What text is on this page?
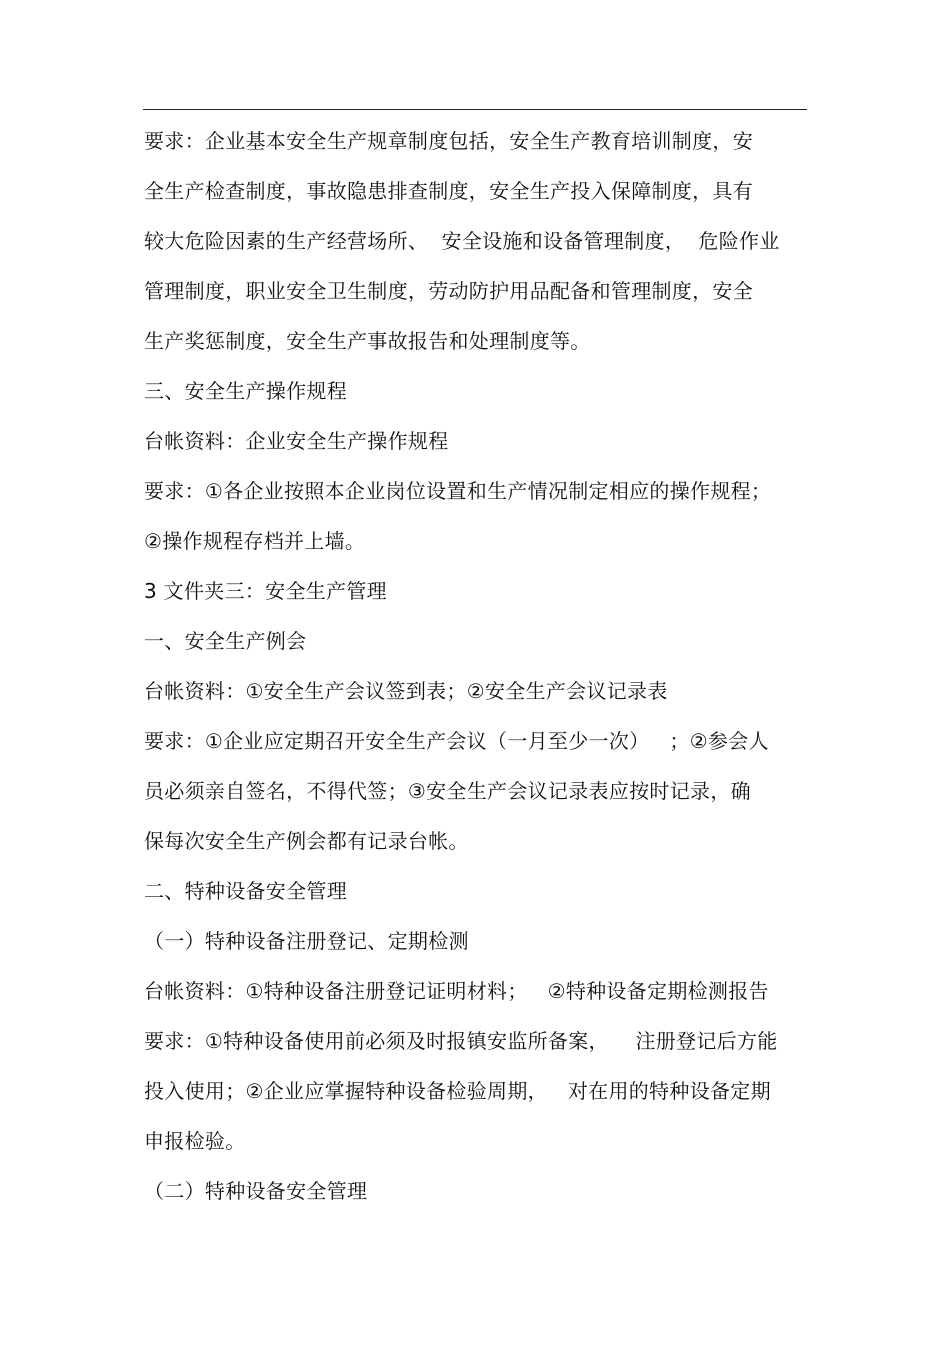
要求：企业基本安全生产规章制度包括，安全生产教育培训制度，安
全生产检查制度，事故隐患排查制度，安全生产投入保障制度，具有
较大危险因素的生产经营场所、  安全设施和设备管理制度，  危险作业
管理制度，职业安全卫生制度，劳动防护用品配备和管理制度，安全
生产奖惩制度，安全生产事故报告和处理制度等。
三、安全生产操作规程
台帐资料：企业安全生产操作规程
要求：①各企业按照本企业岗位设置和生产情况制定相应的操作规程；
②操作规程存档并上墙。
3 文件夹三：安全生产管理
一、安全生产例会
台帐资料：①安全生产会议签到表；②安全生产会议记录表
要求：①企业应定期召开安全生产会议（一月至少一次）   ；②参会人
员必须亲自签名，不得代签；③安全生产会议记录表应按时记录，确
保每次安全生产例会都有记录台帐。
二、特种设备安全管理
（一）特种设备注册登记、定期检测
台帐资料：①特种设备注册登记证明材料；   ②特种设备定期检测报告
要求：①特种设备使用前必须及时报镇安监所备案，    注册登记后方能
投入使用；②企业应掌握特种设备检验周期，   对在用的特种设备定期
申报检验。
（二）特种设备安全管理
